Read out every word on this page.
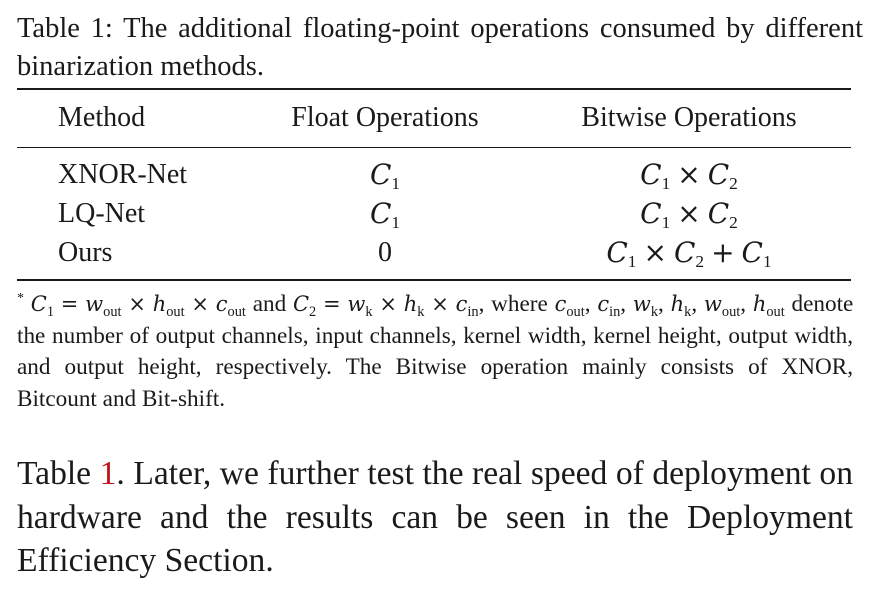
Table 1: The additional floating-point operations consumed by different binarization methods.
Method	Float Operations	Bitwise Operations
XNOR-Net	$C_1$	$C_1 \times C_2$
LQ-Net	$C_1$	$C_1 \times C_2$
Ours	0	$C_1 \times C_2 + C_1$
* $C_1 = w_{out} \times h_{out} \times c_{out}$ and $C_2 = w_k \times h_k \times c_{in}$, where $c_{out}$, $c_{in}$, $w_k$, $h_k$, $w_{out}$, $h_{out}$ denote the number of output channels, input channels, kernel width, kernel height, output width, and output height, respectively. The Bitwise operation mainly consists of XNOR, Bitcount and Bit-shift.
Table 1. Later, we further test the real speed of deployment on hardware and the results can be seen in the Deployment Efficiency Section.
